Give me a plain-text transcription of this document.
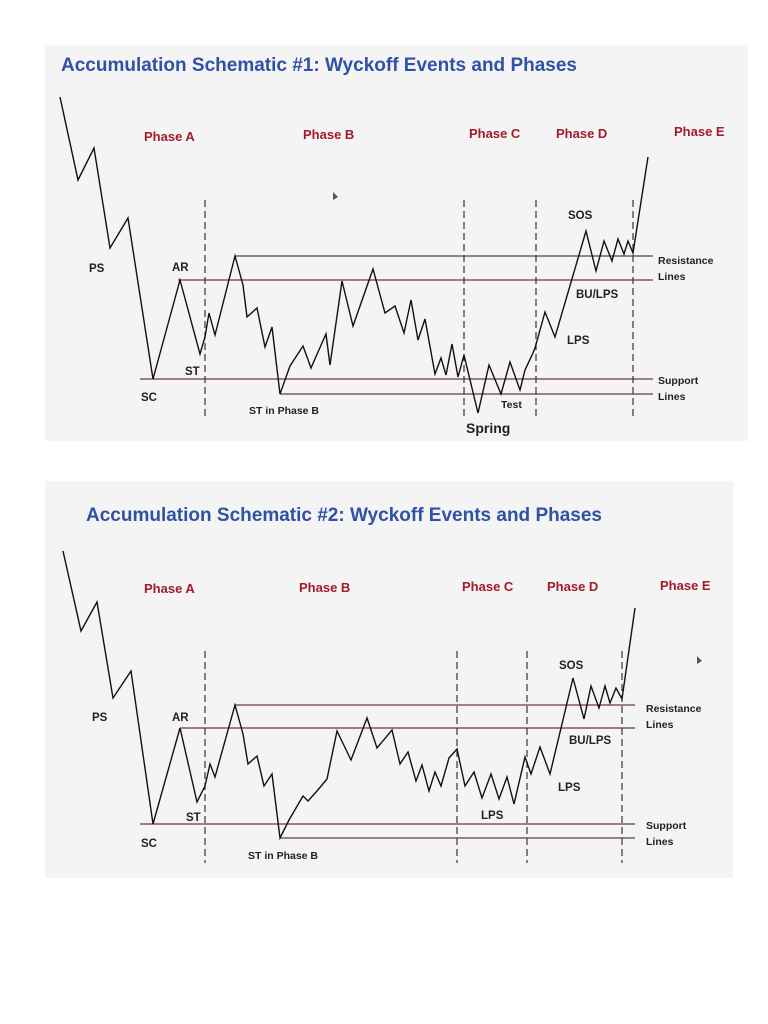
Accumulation Schematic #1: Wyckoff Events and Phases
Phase A	Phase B	Phase C	Phase D	Phase E
PS	AR
SC
ST
ST in Phase B
SOS
BU/LPS
LPS
Test
Spring
Resistance
Lines
Support
Lines
Accumulation Schematic #2: Wyckoff Events and Phases
Phase A	Phase B	Phase C	Phase D	Phase E
PS	AR
SC
ST
ST in Phase B
SOS
BU/LPS
LPS
LPS
Resistance
Lines
Support
Lines
